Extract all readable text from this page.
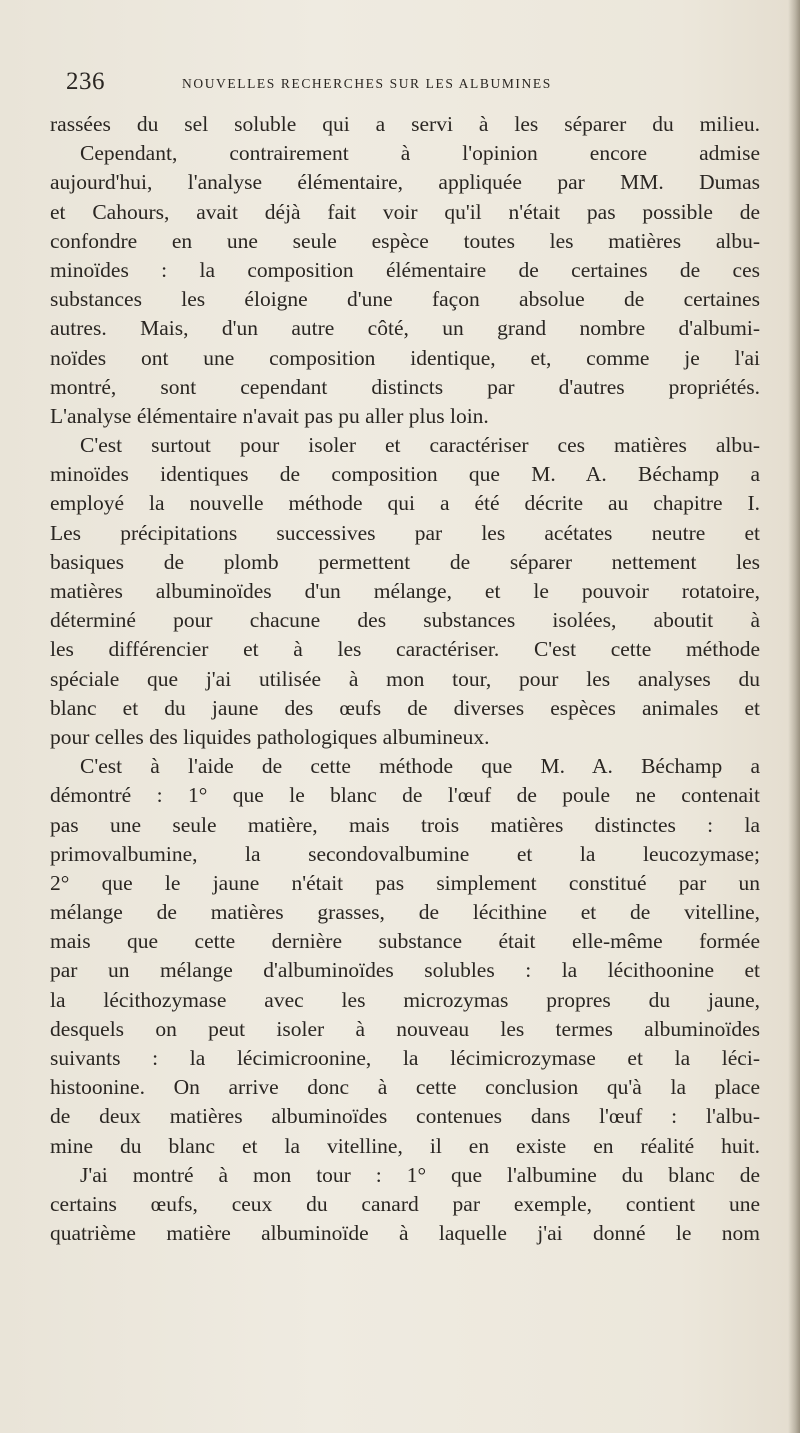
236	NOUVELLES RECHERCHES SUR LES ALBUMINES
rassées du sel soluble qui a servi à les séparer du milieu.
Cependant, contrairement à l'opinion encore admise
aujourd'hui, l'analyse élémentaire, appliquée par MM. Dumas
et Cahours, avait déjà fait voir qu'il n'était pas possible de
confondre en une seule espèce toutes les matières albu-
minoïdes : la composition élémentaire de certaines de ces
substances les éloigne d'une façon absolue de certaines
autres. Mais, d'un autre côté, un grand nombre d'albumi-
noïdes ont une composition identique, et, comme je l'ai
montré, sont cependant distincts par d'autres propriétés.
L'analyse élémentaire n'avait pas pu aller plus loin.
C'est surtout pour isoler et caractériser ces matières albu-
minoïdes identiques de composition que M. A. Béchamp a
employé la nouvelle méthode qui a été décrite au chapitre I.
Les précipitations successives par les acétates neutre et
basiques de plomb permettent de séparer nettement les
matières albuminoïdes d'un mélange, et le pouvoir rotatoire,
déterminé pour chacune des substances isolées, aboutit à
les différencier et à les caractériser. C'est cette méthode
spéciale que j'ai utilisée à mon tour, pour les analyses du
blanc et du jaune des œufs de diverses espèces animales et
pour celles des liquides pathologiques albumineux.
C'est à l'aide de cette méthode que M. A. Béchamp a
démontré : 1° que le blanc de l'œuf de poule ne contenait
pas une seule matière, mais trois matières distinctes : la
primovalbumine, la secondovalbumine et la leucozymase;
2° que le jaune n'était pas simplement constitué par un
mélange de matières grasses, de lécithine et de vitelline,
mais que cette dernière substance était elle-même formée
par un mélange d'albuminoïdes solubles : la lécithoonine et
la lécithozymase avec les microzymas propres du jaune,
desquels on peut isoler à nouveau les termes albuminoïdes
suivants : la lécimicroonine, la lécimicrozymase et la léci-
histoonine. On arrive donc à cette conclusion qu'à la place
de deux matières albuminoïdes contenues dans l'œuf : l'albu-
mine du blanc et la vitelline, il en existe en réalité huit.
J'ai montré à mon tour : 1° que l'albumine du blanc de
certains œufs, ceux du canard par exemple, contient une
quatrième matière albuminoïde à laquelle j'ai donné le nom
